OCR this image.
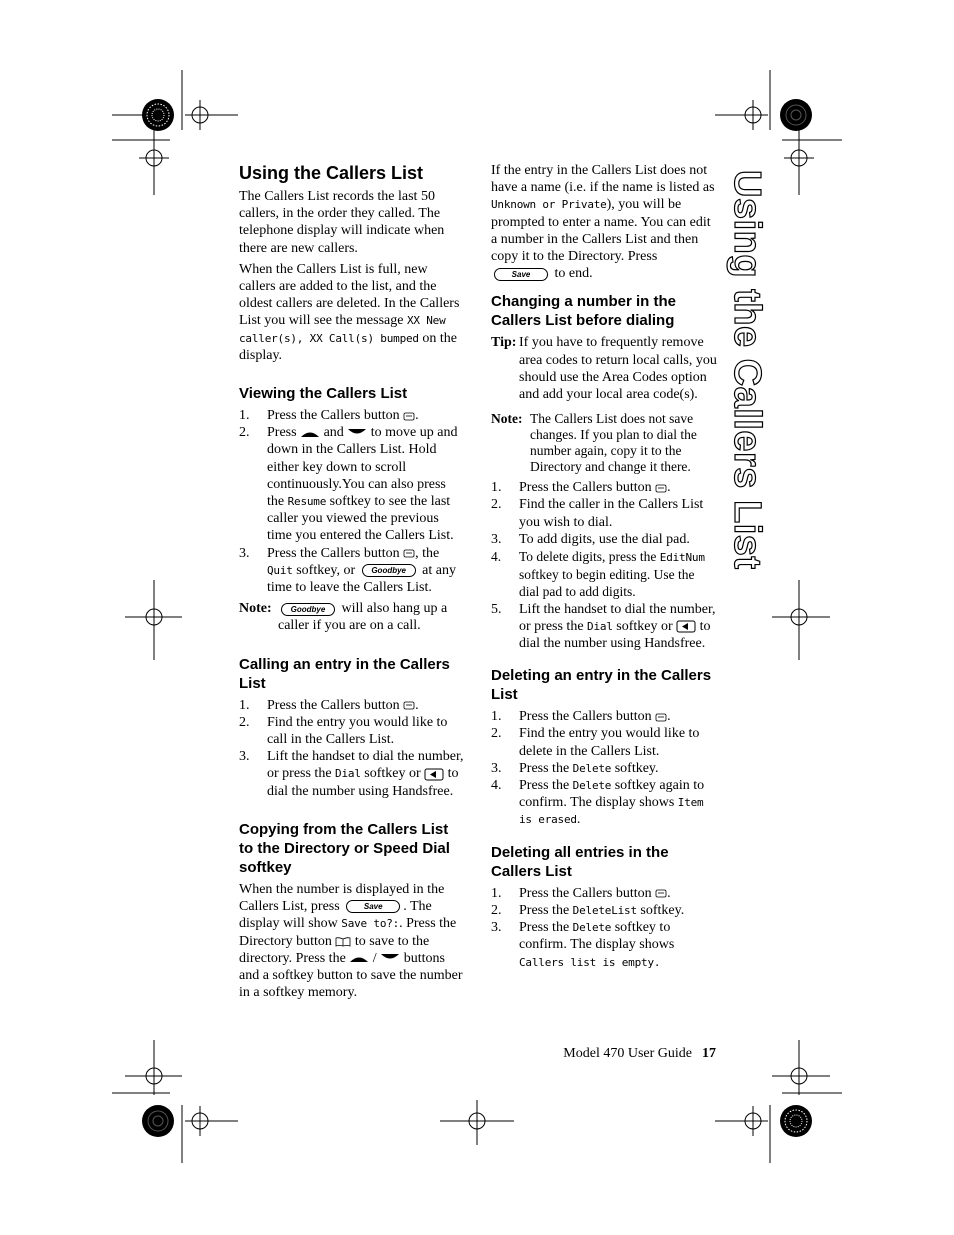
Using the Callers List

The Callers List records the last 50 callers, in the order they called. The telephone display will indicate when there are new callers.

When the Callers List is full, new callers are added to the list, and the oldest callers are deleted. In the Callers List you will see the message XX New caller(s), XX Call(s) bumped on the display.

Viewing the Callers List
1. Press the Callers button .
2. Press and to move up and down in the Callers List. Hold either key down to scroll continuously.You can also press the Resume softkey to see the last caller you viewed the previous time you entered the Callers List.
3. Press the Callers button , the Quit softkey, or Goodbye at any time to leave the Callers List.
Note: Goodbye will also hang up a caller if you are on a call.
Calling an entry in the Callers List
1. Press the Callers button .
2. Find the entry you would like to call in the Callers List.
3. Lift the handset to dial the number, or press the Dial softkey or to dial the number using Handsfree.
Copying from the Callers List to the Directory or Speed Dial softkey

When the number is displayed in the Callers List, press	Save . The display will show Save to?:. Press the Directory button to save to the directory. Press the / buttons and a softkey button to save the number in a softkey memory.

If the entry in the Callers List does not have a name (i.e. if the name is listed as Unknown or Private), you will be prompted to enter a name. You can edit a number in the Callers List and then copy it to the Directory. Press Save to end.

Changing a number in the Callers List before dialing
Tip: If you have to frequently remove area codes to return local calls, you should use the Area Codes option and add your local area code(s).
Note: The Callers List does not save changes. If you plan to dial the number again, copy it to the Directory and change it there.
1. Press the Callers button .
2. Find the caller in the Callers List you wish to dial.
3. To add digits, use the dial pad.
4. To delete digits, press the EditNum softkey to begin editing. Use the dial pad to add digits.
5. Lift the handset to dial the number, or press the Dial softkey or to dial the number using Handsfree.
Deleting an entry in the Callers List
1. Press the Callers button .
2. Find the entry you would like to delete in the Callers List.
3. Press the Delete softkey.
4. Press the Delete softkey again to confirm. The display shows Item is erased.
Deleting all entries in the Callers List
1. Press the Callers button .
2. Press the DeleteList softkey.
3. Press the Delete softkey to confirm. The display shows Callers list is empty.
Using the Callers List
Model 470 User Guide 17
